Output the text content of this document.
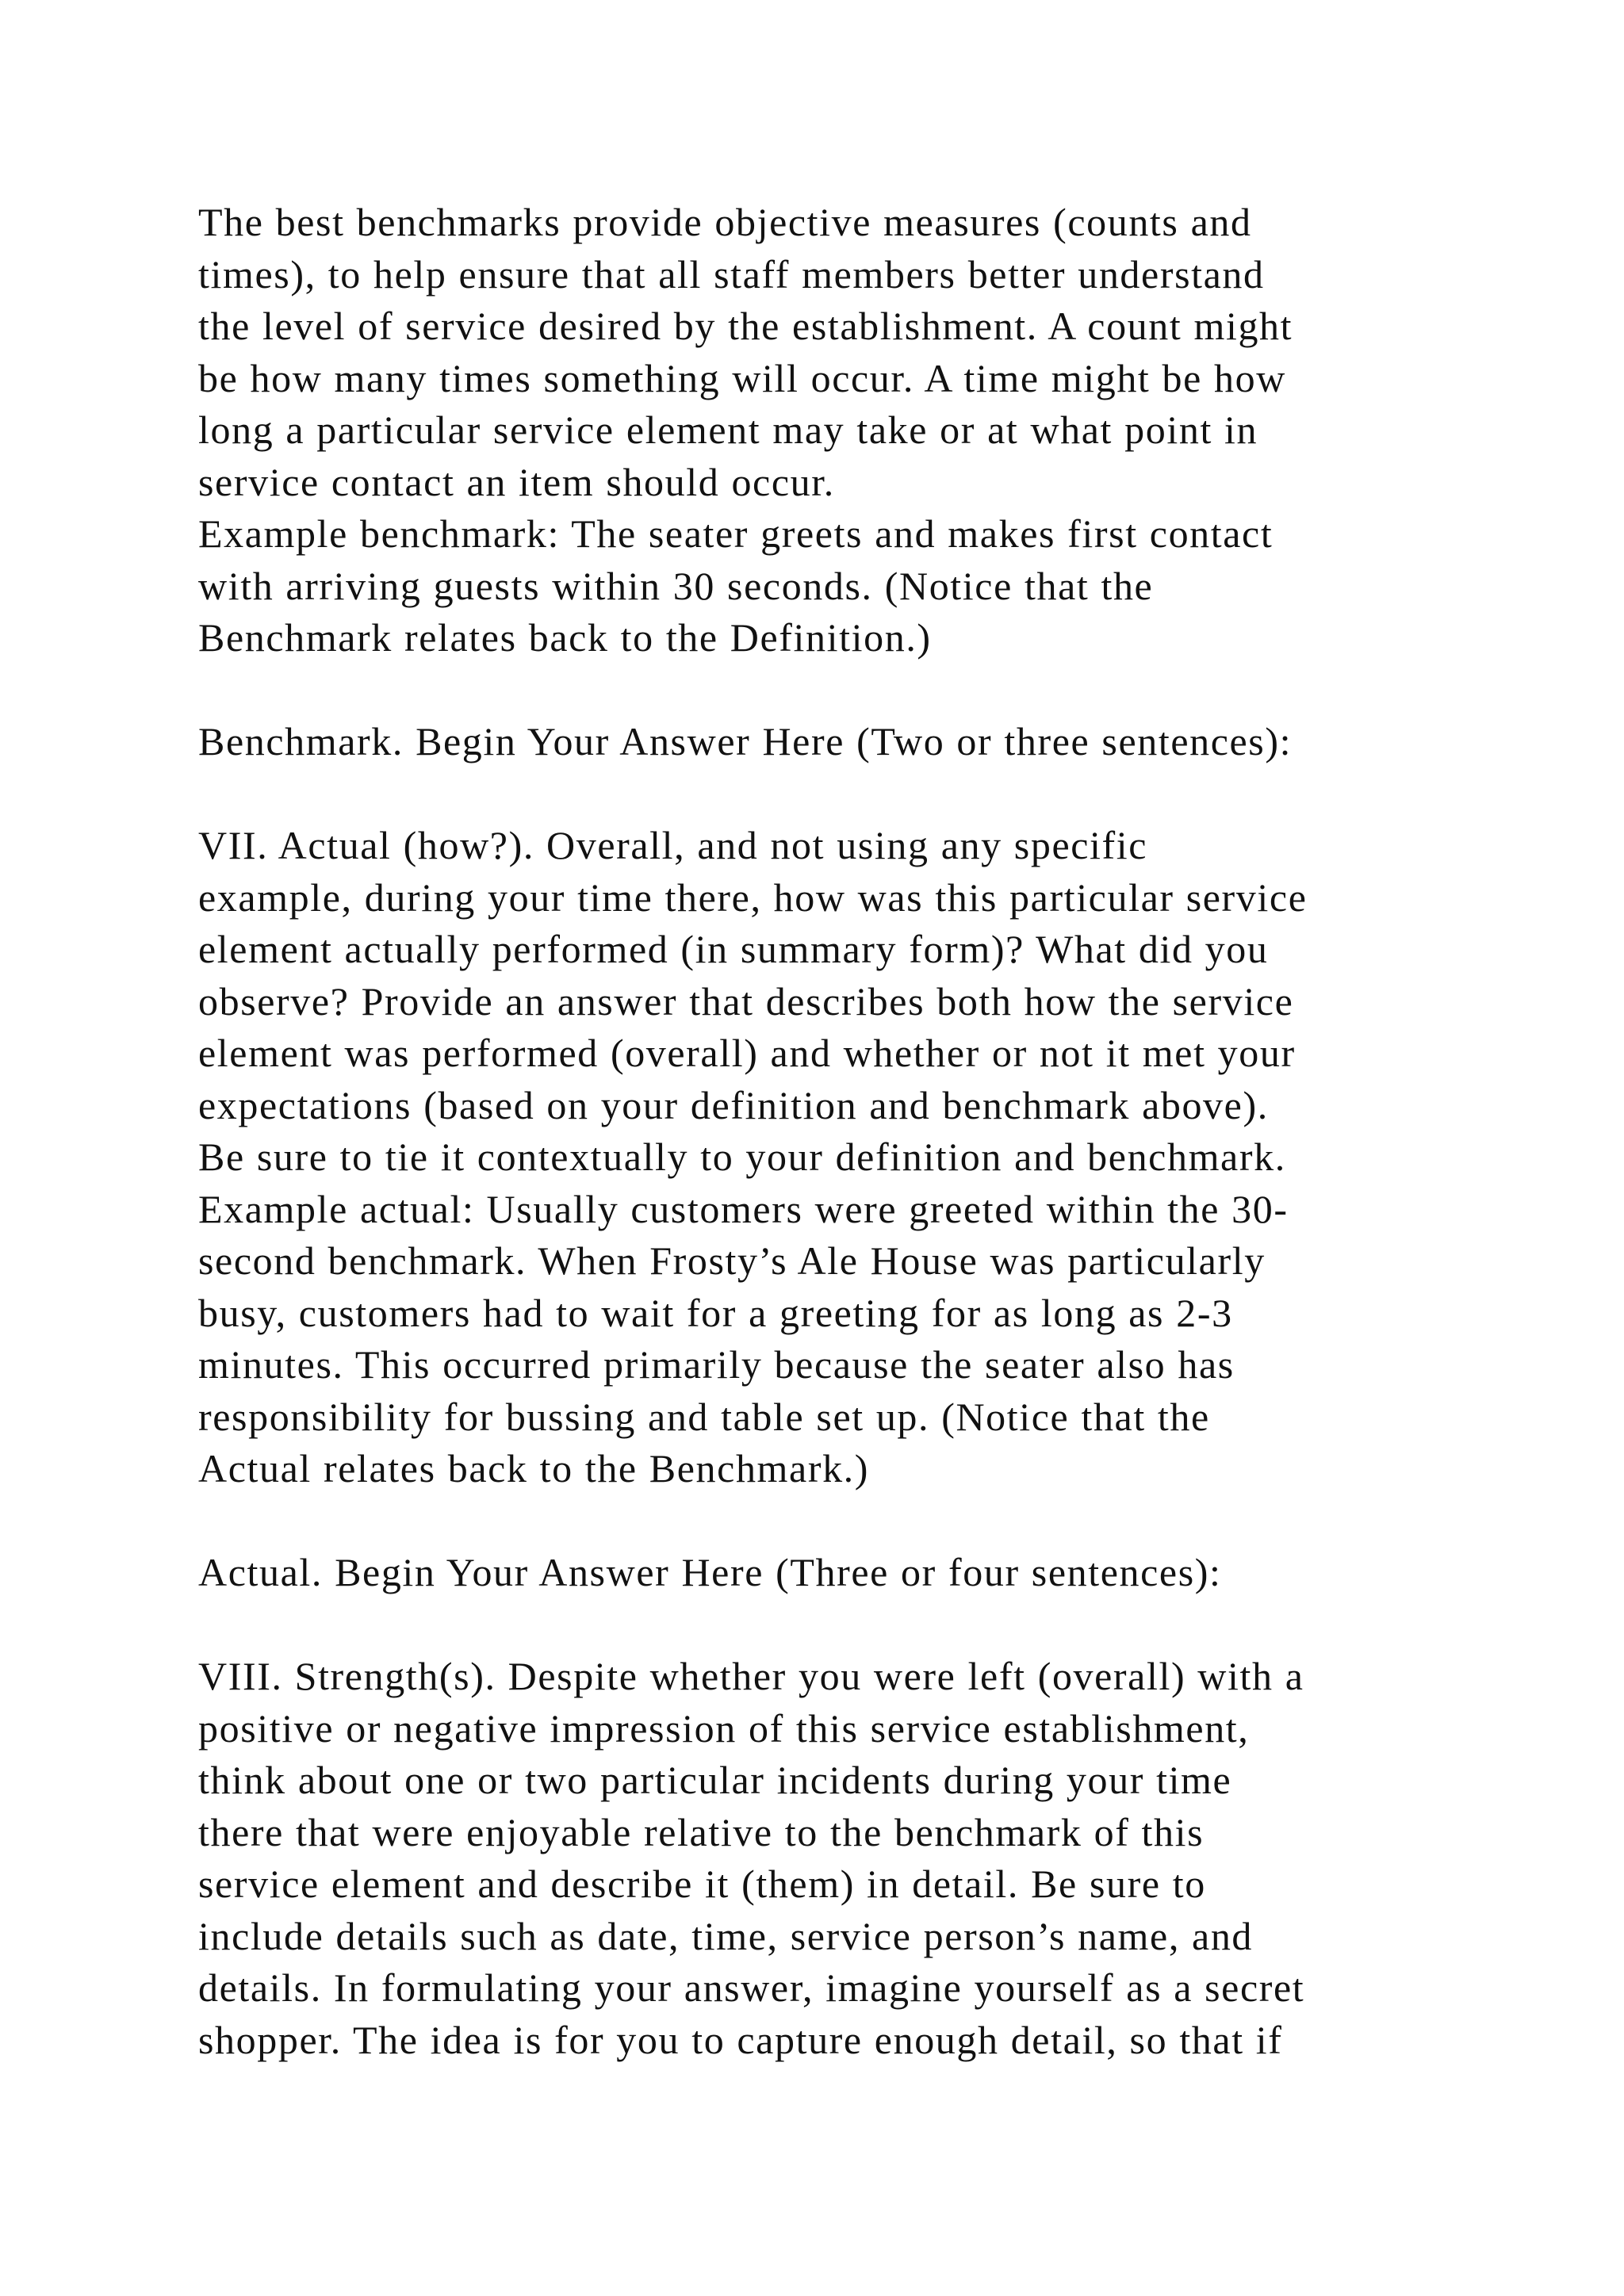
The best benchmarks provide objective measures (counts and
times), to help ensure that all staff members better understand
the level of service desired by the establishment. A count might
be how many times something will occur. A time might be how
long a particular service element may take or at what point in
service contact an item should occur.
Example benchmark: The seater greets and makes first contact
with arriving guests within 30 seconds. (Notice that the
Benchmark relates back to the Definition.)
Benchmark. Begin Your Answer Here (Two or three sentences):
VII. Actual (how?). Overall, and not using any specific
example, during your time there, how was this particular service
element actually performed (in summary form)? What did you
observe? Provide an answer that describes both how the service
element was performed (overall) and whether or not it met your
expectations (based on your definition and benchmark above).
Be sure to tie it contextually to your definition and benchmark.
Example actual: Usually customers were greeted within the 30-
second benchmark. When Frosty’s Ale House was particularly
busy, customers had to wait for a greeting for as long as 2-3
minutes. This occurred primarily because the seater also has
responsibility for bussing and table set up. (Notice that the
Actual relates back to the Benchmark.)
Actual. Begin Your Answer Here (Three or four sentences):
VIII. Strength(s). Despite whether you were left (overall) with a
positive or negative impression of this service establishment,
think about one or two particular incidents during your time
there that were enjoyable relative to the benchmark of this
service element and describe it (them) in detail. Be sure to
include details such as date, time, service person’s name, and
details. In formulating your answer, imagine yourself as a secret
shopper. The idea is for you to capture enough detail, so that if
